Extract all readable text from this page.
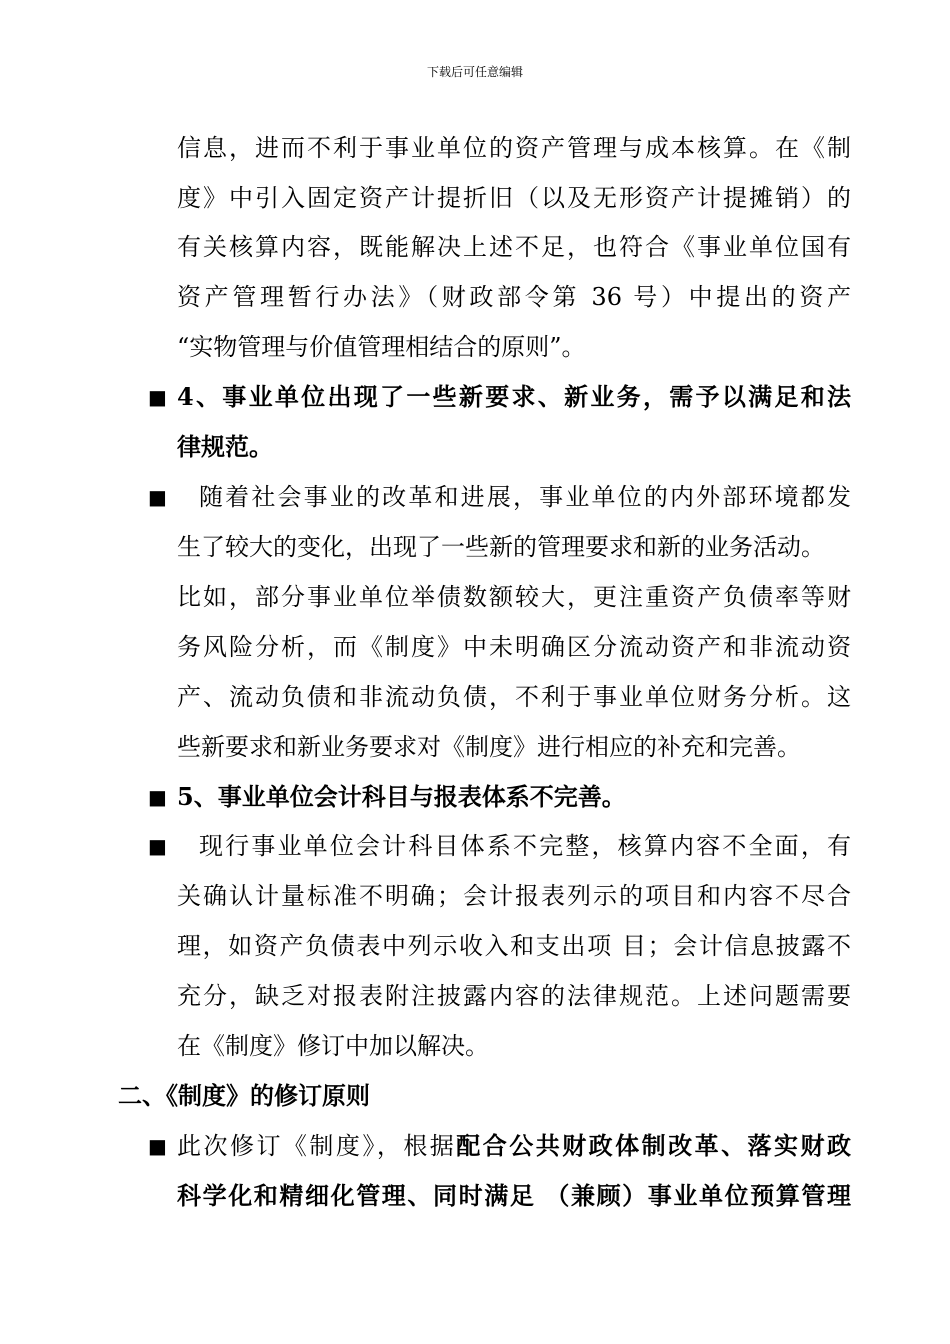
下载后可任意编辑
信息，进而不利于事业单位的资产管理与成本核算。在《制
度》中引入固定资产计提折旧（以及无形资产计提摊销）的
有关核算内容，既能解决上述不足，也符合《事业单位国有
资产管理暂行办法》（财政部令第 36 号）中提出的资产
“实物管理与价值管理相结合的原则”。
■ 4、事业单位出现了一些新要求、新业务，需予以满足和法
律规范。
■ 随着社会事业的改革和进展，事业单位的内外部环境都发
生了较大的变化，出现了一些新的管理要求和新的业务活动。
比如，部分事业单位举债数额较大，更注重资产负债率等财
务风险分析，而《制度》中未明确区分流动资产和非流动资
产、流动负债和非流动负债，不利于事业单位财务分析。这
些新要求和新业务要求对《制度》进行相应的补充和完善。
■ 5、事业单位会计科目与报表体系不完善。
■ 现行事业单位会计科目体系不完整，核算内容不全面，有
关确认计量标准不明确；会计报表列示的项目和内容不尽合
理，如资产负债表中列示收入和支出项 目；会计信息披露不
充分，缺乏对报表附注披露内容的法律规范。上述问题需要
在《制度》修订中加以解决。
二、《制度》的修订原则
■ 此次修订《制度》，根据配合公共财政体制改革、落实财政
科学化和精细化管理、同时满足 （兼顾）事业单位预算管理
